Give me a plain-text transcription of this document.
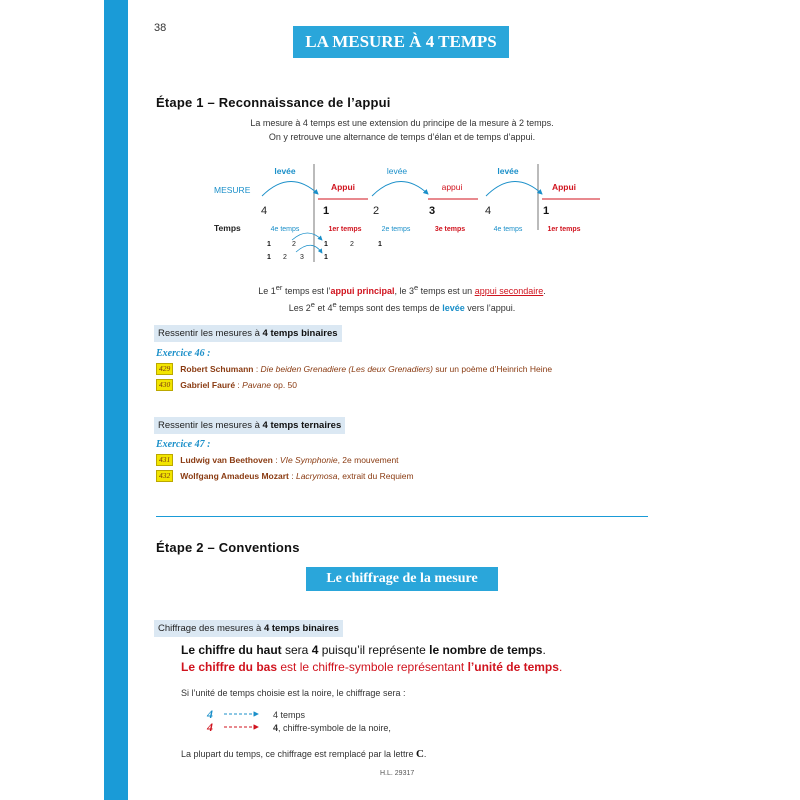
38
LA MESURE À 4 TEMPS
Étape 1 – Reconnaissance de l’appui
La mesure à 4 temps est une extension du principe de la mesure à 2 temps.
On y retrouve une alternance de temps d’élan et de temps d’appui.
MESURE
Temps
levée
Appui
levée
appui
levée
Appui
4	1	2	3	4	1
4e temps	1er temps	2e temps	3e temps	4e temps	1er temps
1	2	1	2	1
1 2 3	1
Le 1er temps est l’appui principal, le 3e temps est un appui secondaire.
Les 2e et 4e temps sont des temps de levée vers l’appui.
Ressentir les mesures à 4 temps binaires
Exercice 46 :
429	Robert Schumann : Die beiden Grenadiere (Les deux Grenadiers) sur un poème d’Heinrich Heine
430	Gabriel Fauré : Pavane op. 50
Ressentir les mesures à 4 temps ternaires
Exercice 47 :
431	Ludwig van Beethoven : VIe Symphonie, 2e mouvement
432	Wolfgang Amadeus Mozart : Lacrymosa, extrait du Requiem
Étape 2 – Conventions
Le chiffrage de la mesure
Chiffrage des mesures à 4 temps binaires
Le chiffre du haut sera 4 puisqu’il représente le nombre de temps.
Le chiffre du bas est le chiffre-symbole représentant l’unité de temps.
Si l’unité de temps choisie est la noire, le chiffrage sera :
4
4
4 temps
4, chiffre-symbole de la noire,
La plupart du temps, ce chiffrage est remplacé par la lettre C.
H.L. 29317
